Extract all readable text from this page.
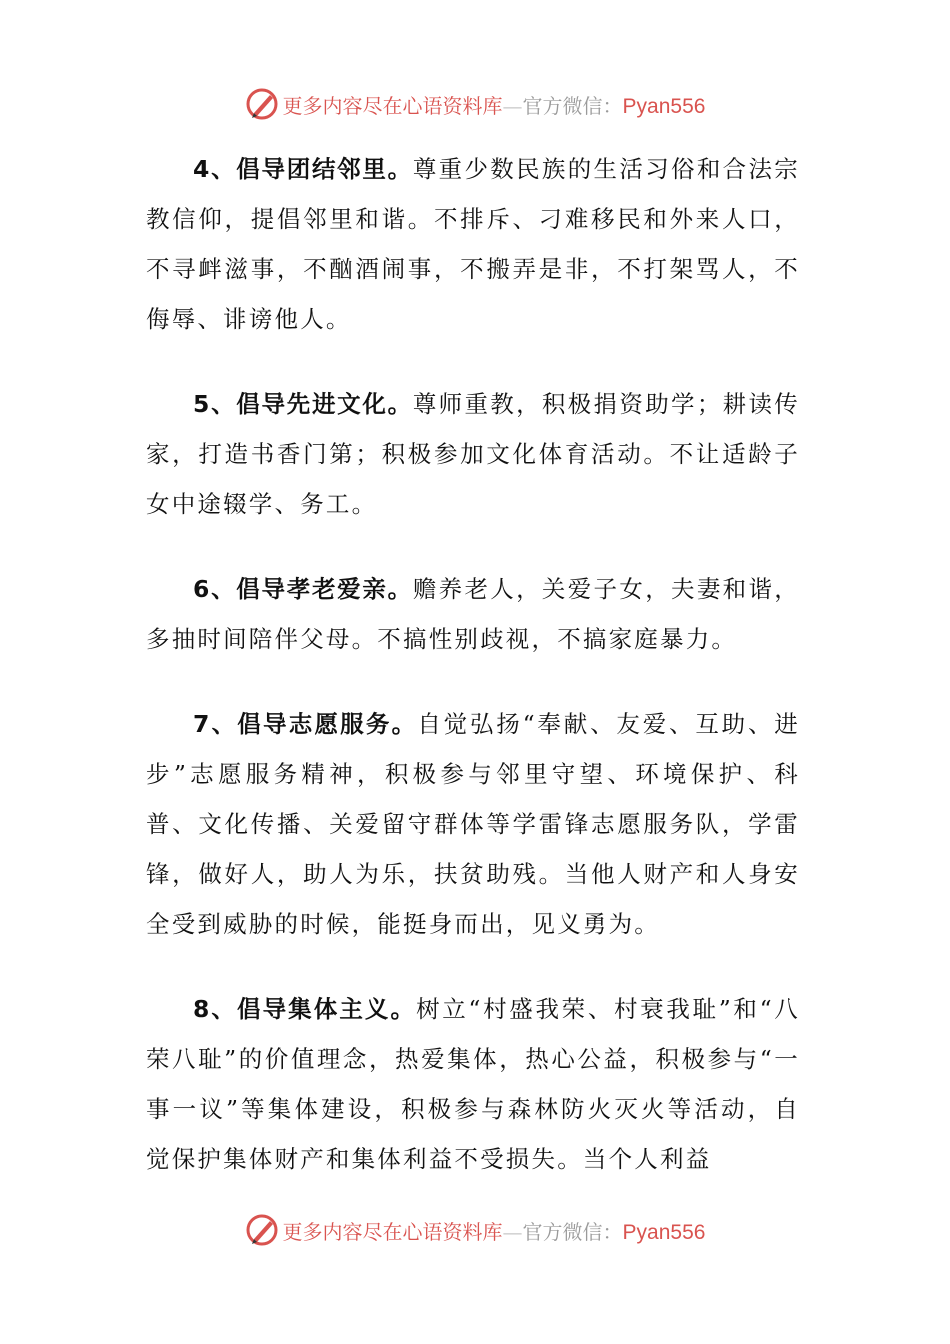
更多内容尽在心语资料库—官方微信：Pyan556

4、倡导团结邻里。尊重少数民族的生活习俗和合法宗教信仰，提倡邻里和谐。不排斥、刁难移民和外来人口，不寻衅滋事，不酗酒闹事，不搬弄是非，不打架骂人，不侮辱、诽谤他人。

5、倡导先进文化。尊师重教，积极捐资助学；耕读传家，打造书香门第；积极参加文化体育活动。不让适龄子女中途辍学、务工。

6、倡导孝老爱亲。赡养老人，关爱子女，夫妻和谐，多抽时间陪伴父母。不搞性别歧视，不搞家庭暴力。

7、倡导志愿服务。自觉弘扬“奉献、友爱、互助、进步”志愿服务精神，积极参与邻里守望、环境保护、科普、文化传播、关爱留守群体等学雷锋志愿服务队，学雷锋，做好人，助人为乐，扶贫助残。当他人财产和人身安全受到威胁的时候，能挺身而出，见义勇为。

8、倡导集体主义。树立“村盛我荣、村衰我耻”和“八荣八耻”的价值理念，热爱集体，热心公益，积极参与“一事一议”等集体建设，积极参与森林防火灭火等活动，自觉保护集体财产和集体利益不受损失。当个人利益

更多内容尽在心语资料库—官方微信：Pyan556
